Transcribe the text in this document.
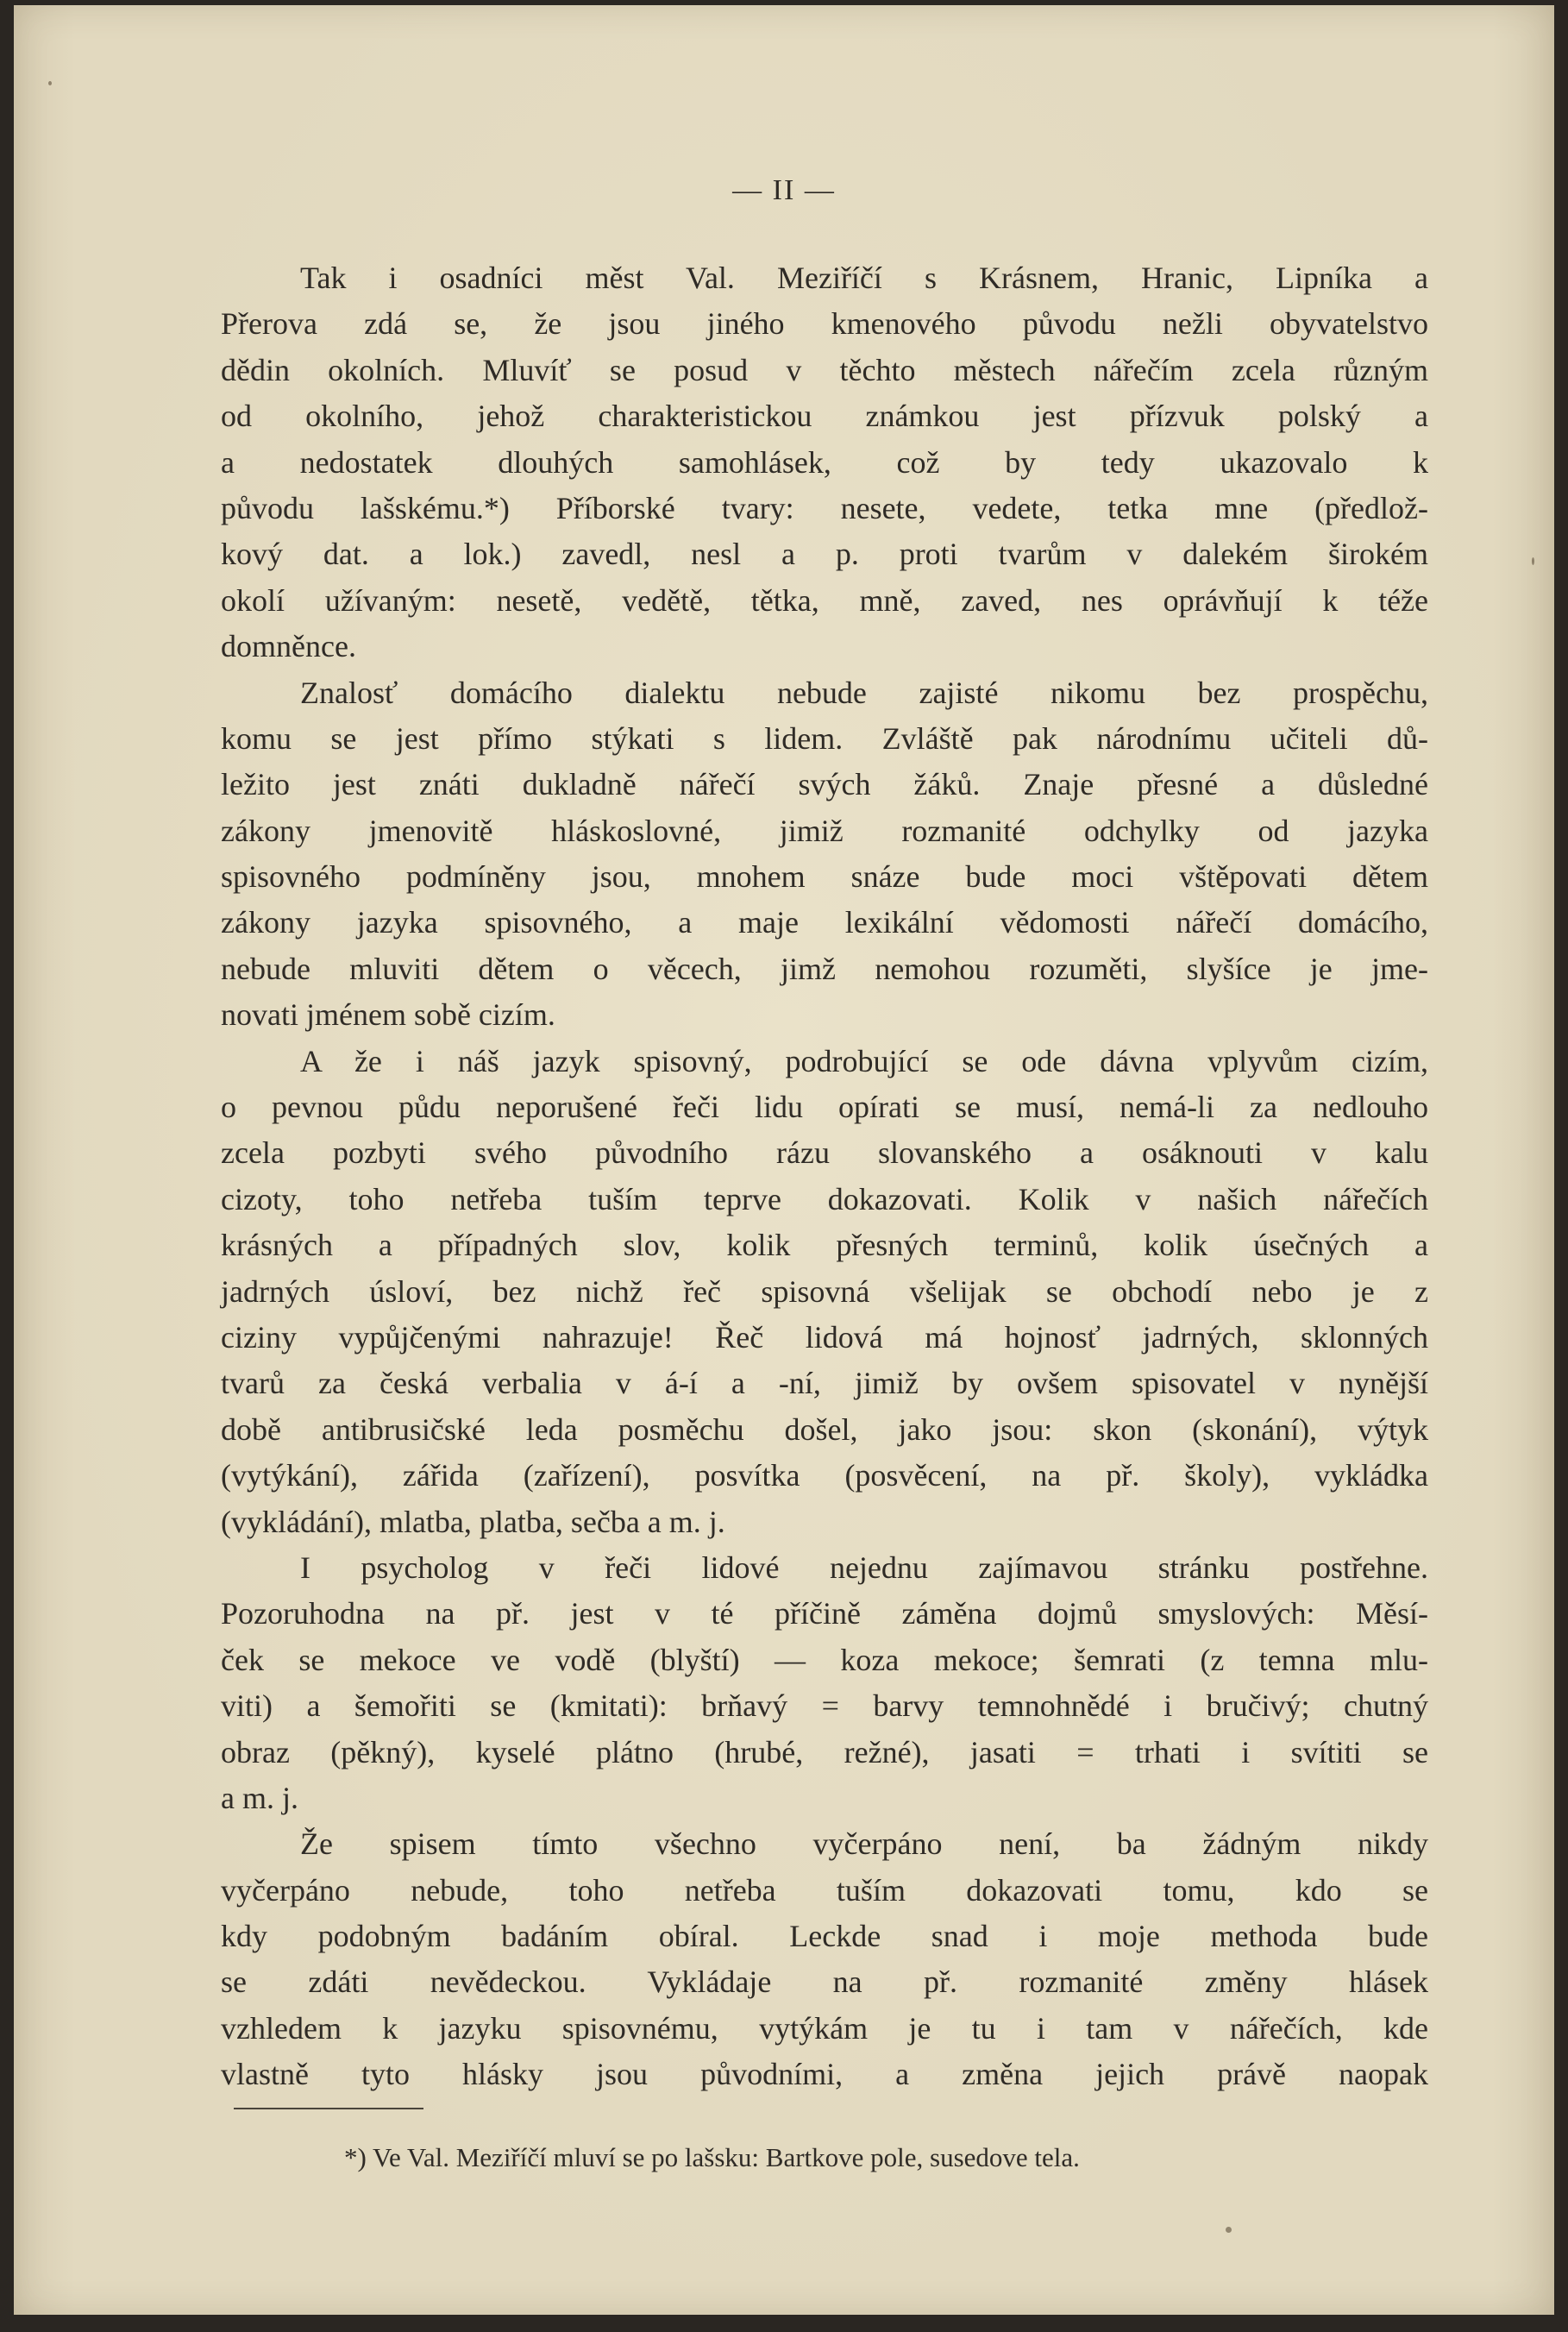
— II —
Tak i osadníci měst Val. Meziříčí s Krásnem, Hranic, Lipníka a
Přerova zdá se, že jsou jiného kmenového původu nežli obyvatelstvo
dědin okolních. Mluvíť se posud v těchto městech nářečím zcela různým
od okolního, jehož charakteristickou známkou jest přízvuk polský a
a nedostatek dlouhých samohlásek, což by tedy ukazovalo k
původu lašskému.*) Příborské tvary: nesete, vedete, tetka mne (předlož-
kový dat. a lok.) zavedl, nesl a p. proti tvarům v dalekém širokém
okolí užívaným: nesetě, vedětě, tětka, mně, zaved, nes oprávňují k téže
domněnce.
Znalosť domácího dialektu nebude zajisté nikomu bez prospěchu,
komu se jest přímo stýkati s lidem. Zvláště pak národnímu učiteli dů-
ležito jest znáti dukladně nářečí svých žáků. Znaje přesné a důsledné
zákony jmenovitě hláskoslovné, jimiž rozmanité odchylky od jazyka
spisovného podmíněny jsou, mnohem snáze bude moci vštěpovati dětem
zákony jazyka spisovného, a maje lexikální vědomosti nářečí domácího,
nebude mluviti dětem o věcech, jimž nemohou rozuměti, slyšíce je jme-
novati jménem sobě cizím.
A že i náš jazyk spisovný, podrobující se ode dávna vplyvům cizím,
o pevnou půdu neporušené řeči lidu opírati se musí, nemá-li za nedlouho
zcela pozbyti svého původního rázu slovanského a osáknouti v kalu
cizoty, toho netřeba tuším teprve dokazovati. Kolik v našich nářečích
krásných a případných slov, kolik přesných terminů, kolik úsečných a
jadrných úsloví, bez nichž řeč spisovná všelijak se obchodí nebo je z
ciziny vypůjčenými nahrazuje! Řeč lidová má hojnosť jadrných, sklonných
tvarů za česká verbalia v á-í a -ní, jimiž by ovšem spisovatel v nynější
době antibrusičské leda posměchu došel, jako jsou: skon (skonání), výtyk
(vytýkání), zářida (zařízení), posvítka (posvěcení, na př. školy), vykládka
(vykládání), mlatba, platba, sečba a m. j.
I psycholog v řeči lidové nejednu zajímavou stránku postřehne.
Pozoruhodna na př. jest v té příčině záměna dojmů smyslových: Měsí-
ček se mekoce ve vodě (blyští) — koza mekoce; šemrati (z temna mlu-
viti) a šemořiti se (kmitati): brňavý = barvy temnohnědé i bručivý; chutný
obraz (pěkný), kyselé plátno (hrubé, režné), jasati = trhati i svítiti se
a m. j.
Že spisem tímto všechno vyčerpáno není, ba žádným nikdy
vyčerpáno nebude, toho netřeba tuším dokazovati tomu, kdo se
kdy podobným badáním obíral. Leckde snad i moje methoda bude
se zdáti nevědeckou. Vykládaje na př. rozmanité změny hlásek
vzhledem k jazyku spisovnému, vytýkám je tu i tam v nářečích, kde
vlastně tyto hlásky jsou původními, a změna jejich právě naopak
*) Ve Val. Meziříčí mluví se po lašsku: Bartkove pole, susedove tela.
